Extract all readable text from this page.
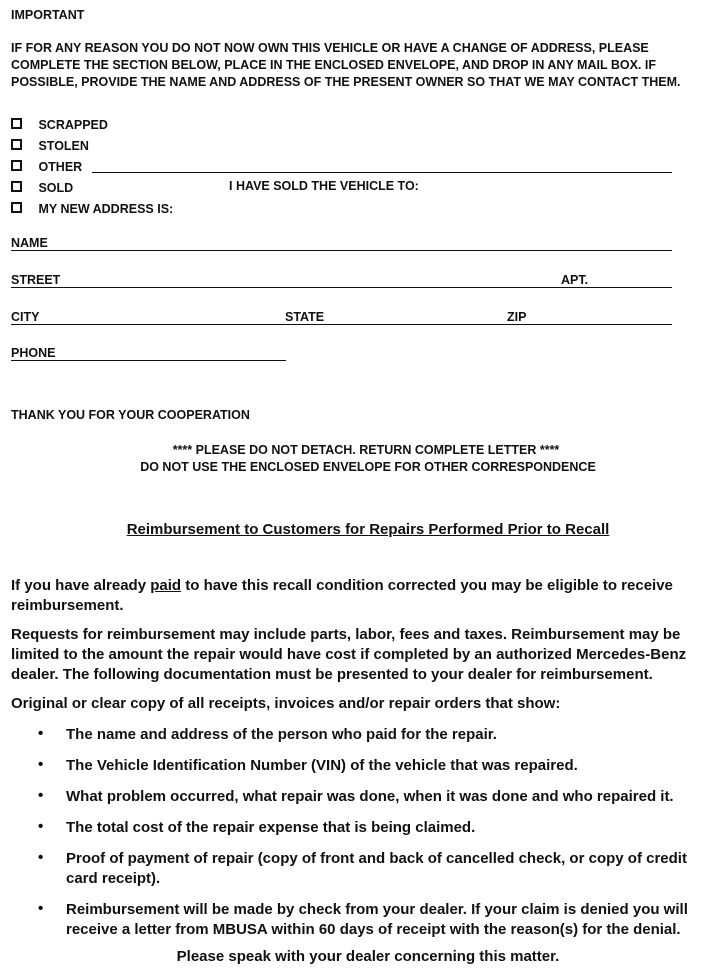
IMPORTANT
IF FOR ANY REASON YOU DO NOT NOW OWN THIS VEHICLE OR HAVE A CHANGE OF ADDRESS, PLEASE COMPLETE THE SECTION BELOW, PLACE IN THE ENCLOSED ENVELOPE, AND DROP IN ANY MAIL BOX. IF POSSIBLE, PROVIDE THE NAME AND ADDRESS OF THE PRESENT OWNER SO THAT WE MAY CONTACT THEM.
SCRAPPED
STOLEN
OTHER
SOLD	I HAVE SOLD THE VEHICLE TO:
MY NEW ADDRESS IS:
NAME
STREET	APT.
CITY	STATE	ZIP
PHONE
THANK YOU FOR YOUR COOPERATION
**** PLEASE DO NOT DETACH. RETURN COMPLETE LETTER ****
DO NOT USE THE ENCLOSED ENVELOPE FOR OTHER CORRESPONDENCE
Reimbursement to Customers for Repairs Performed Prior to Recall
If you have already paid to have this recall condition corrected you may be eligible to receive reimbursement.
Requests for reimbursement may include parts, labor, fees and taxes. Reimbursement may be limited to the amount the repair would have cost if completed by an authorized Mercedes-Benz dealer. The following documentation must be presented to your dealer for reimbursement.
Original or clear copy of all receipts, invoices and/or repair orders that show:
• The name and address of the person who paid for the repair.
• The Vehicle Identification Number (VIN) of the vehicle that was repaired.
• What problem occurred, what repair was done, when it was done and who repaired it.
• The total cost of the repair expense that is being claimed.
• Proof of payment of repair (copy of front and back of cancelled check, or copy of credit card receipt).
• Reimbursement will be made by check from your dealer. If your claim is denied you will receive a letter from MBUSA within 60 days of receipt with the reason(s) for the denial.
Please speak with your dealer concerning this matter.
